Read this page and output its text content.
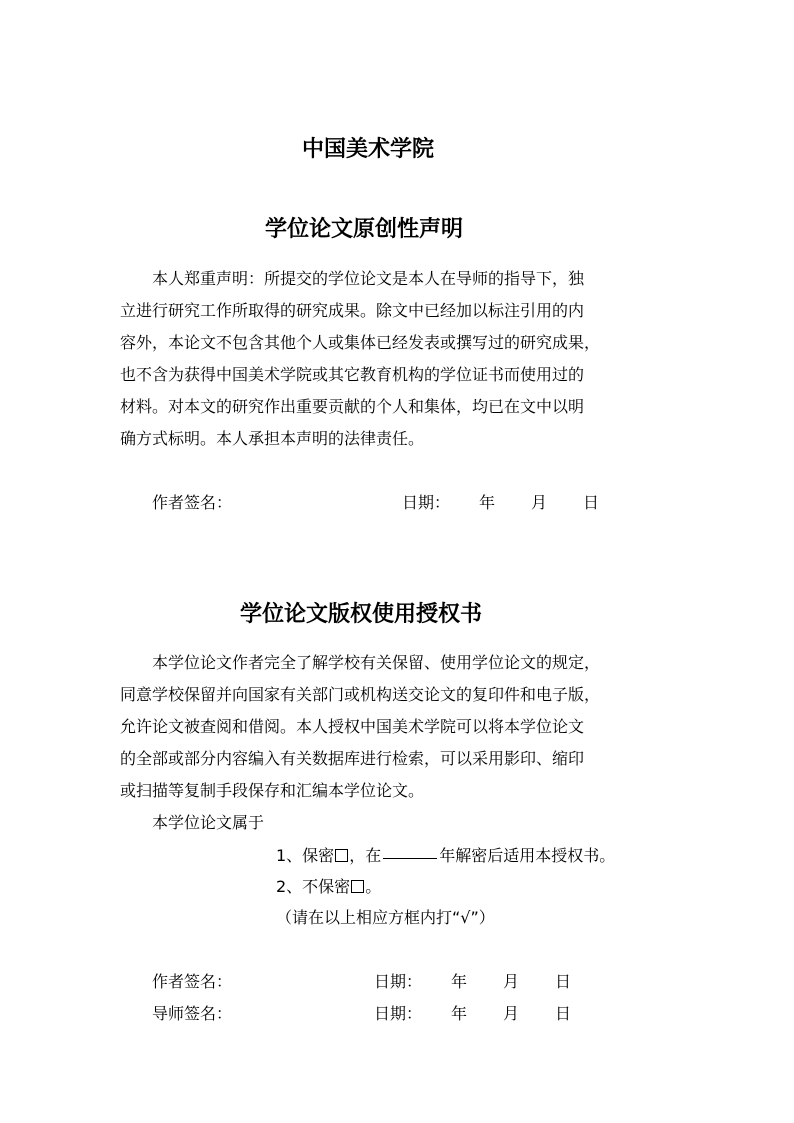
中国美术学院
学位论文原创性声明
本人郑重声明：所提交的学位论文是本人在导师的指导下，独
立进行研究工作所取得的研究成果。除文中已经加以标注引用的内
容外，本论文不包含其他个人或集体已经发表或撰写过的研究成果，
也不含为获得中国美术学院或其它教育机构的学位证书而使用过的
材料。对本文的研究作出重要贡献的个人和集体，均已在文中以明
确方式标明。本人承担本声明的法律责任。
作者签名：	日期： 年 月 日
学位论文版权使用授权书
本学位论文作者完全了解学校有关保留、使用学位论文的规定，
同意学校保留并向国家有关部门或机构送交论文的复印件和电子版，
允许论文被查阅和借阅。本人授权中国美术学院可以将本学位论文
的全部或部分内容编入有关数据库进行检索，可以采用影印、缩印
或扫描等复制手段保存和汇编本学位论文。
本学位论文属于
1、保密 ，在	年解密后适用本授权书。
2、不保密 。
（请在以上相应方框内打“√”）
作者签名：	日期： 年 月 日
导师签名：	日期： 年 月 日
